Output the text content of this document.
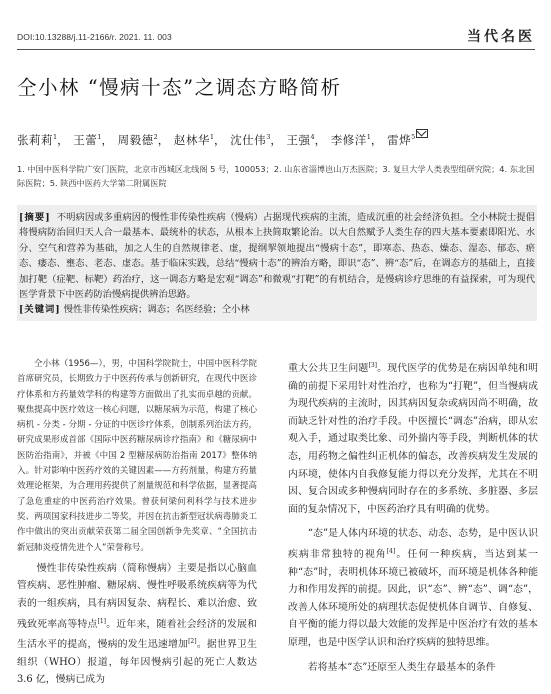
DOI:10.13288/j.11-2166/r. 2021. 11. 003	当代名医
仝小林 “慢病十态”之调态方略简析
张莉莉$^1$， 王蕾$^1$， 周毅德$^2$， 赵林华$^1$， 沈仕伟$^3$， 王强$^4$， 李修洋$^1$， 雷烨$^5$
1. 中国中医科学院广安门医院，北京市西城区北线阁 5 号，100053；2. 山东省淄博岜山万杰医院；3. 复旦大学人类表型组研究院；4. 东北国际医院；5. 陕西中医药大学第二附属医院

[摘要] 不明病因或多重病因的慢性非传染性疾病（慢病）占据现代疾病的主流，造成沉重的社会经济负担。仝小林院士提倡将慢病防治回归天人合一最基本、最统朴的状态，从根本上抉简取繁论治。以大自然赋予人类生存的四大基本要素即阳光、水分、空气和营养为基础，加之人生的自然规律老、虚，提纲挈领地提出“慢病十态”，即寒态、热态、燥态、湿态、郁态、瘀态、痿态、壅态、老态、虚态。基于临床实践，总结“慢病十态”的辨治方略，即识“态”、辨“态”后，在调态方的基础上，直接加打靶（症靶、标靶）药治疗，这一调态方略是宏观“调态”和微观“打靶”的有机结合，是慢病诊疗思维的有益探索，可为现代医学背景下中医药防治慢病提供辨治思路。

[关键词] 慢性非传染性疾病；调态；名医经验；仝小林

仝小林（1956—），男，中国科学院院士，中国中医科学院首席研究员，长期致力于中医药传承与创新研究，在现代中医诊疗体系和方药量效学科的构建等方面做出了扎实而卓越的贡献。聚焦提高中医疗效这一核心问题，以糖尿病为示范，构建了核心病机 - 分类 - 分期 - 分证的中医诊疗体系，创制系列治法方药，研究成果形成首部《国际中医药糖尿病诊疗指南》和《糖尿病中医防治指南》，并被《中国 2 型糖尿病防治指南 2017》整体纳入。针对影响中医药疗效的关键因素——方药剂量，构建方药量效理论框架，为合理用药提供了剂量规范和科学依据，显著提高了急危重症的中医药治疗效果。曾获何梁何利科学与技术进步奖、两项国家科技进步二等奖，并因在抗击新型冠状病毒肺炎工作中做出的突出贡献荣获第二届全国创新争先奖章、“全国抗击新冠肺炎疫情先进个人”荣誉称号。

慢性非传染性疾病（简称慢病）主要是指以心脑血管疾病、恶性肿瘤、糖尿病、慢性呼吸系统疾病等为代表的一组疾病，具有病因复杂、病程长、难以治愈、致残致死率高等特点[1]。近年来，随着社会经济的发展和生活水平的提高，慢病的发生迅速增加[2]。据世界卫生组织（WHO）报道，每年因慢病引起的死亡人数达 3.6 亿，慢病已成为

重大公共卫生问题[3]。现代医学的优势是在病因单纯和明确的前提下采用针对性治疗，也称为“打靶”，但当慢病成为现代疾病的主流时，因其病因复杂或病因尚不明确，故而缺乏针对性的治疗手段。中医擅长“调态”治病，即从宏观入手，通过取类比象、司外揣内等手段，判断机体的状态，用药物之偏性纠正机体的偏态，改善疾病发生发展的内环境，使体内自我修复能力得以充分发挥，尤其在不明因、复合因或多种慢病同时存在的多系统、多脏器、多层面的复杂情况下，中医药治疗具有明确的优势。

“态”是人体内环境的状态、动态、态势，是中医认识疾病非常独特的视角[4]。任何一种疾病，当达到某一种“态”时，表明机体环境已被破坏，而环境是机体各种能力和作用发挥的前提。因此，识“态”、辨“态”、调“态”，改善人体环境所处的病理状态促使机体自调节、自修复、自平衡的能力得以最大效能的发挥是中医治疗有效的基本原理，也是中医学认识和治疗疾病的独特思维。

若将基本“态”还原至人类生存最基本的条件
